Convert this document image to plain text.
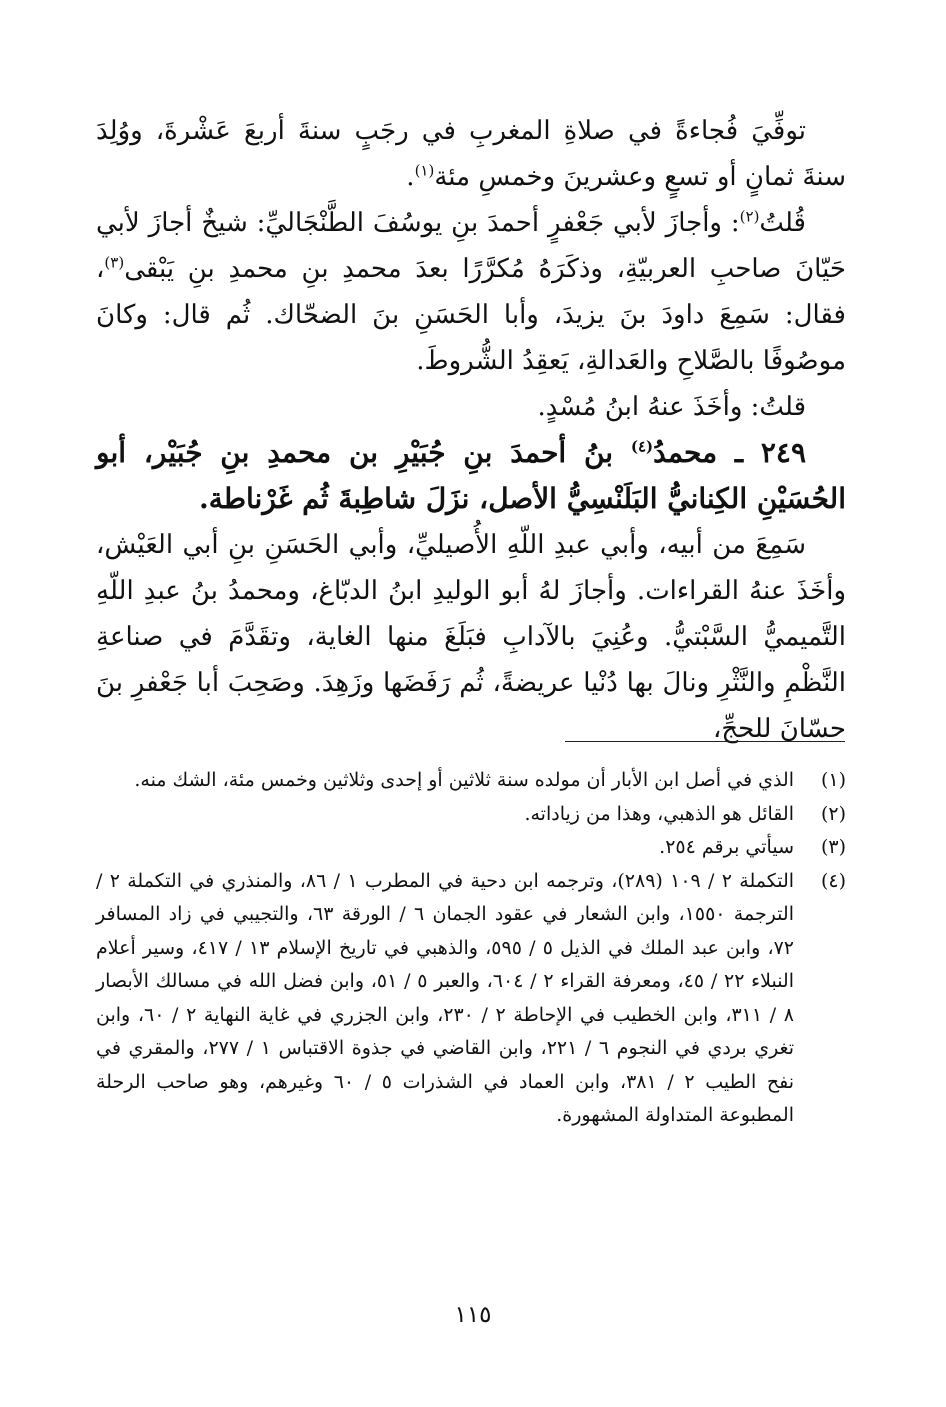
توفِّيَ فُجاءةً في صلاةِ المغربِ في رجَبٍ سنةَ أربعَ عَشْرةَ، ووُلِدَ سنةَ ثمانٍ أو تسعٍ وعشرينَ وخمسِ مئة$^{(١)}$.

قُلتُ$^{(٢)}$: وأجازَ لأبي جَعْفرٍ أحمدَ بنِ يوسُفَ الطَّنْجَاليِّ: شيخٌ أجازَ لأبي حَيّانَ صاحبِ العربيّةِ، وذكَرَهُ مُكرَّرًا بعدَ محمدِ بنِ محمدِ بنِ يَبْقى$^{(٣)}$، فقال: سَمِعَ داودَ بنَ يزيدَ، وأبا الحَسَنِ بنَ الضحّاك. ثُم قال: وكانَ موصُوفًا بالصَّلاحِ والعَدالةِ، يَعقِدُ الشُّروطَ.

قلتُ: وأخَذَ عنهُ ابنُ مُسْدٍ.

٢٤٩ ـ محمدُ$^{(٤)}$ بنُ أحمدَ بنِ جُبَيْرِ بن محمدِ بنِ جُبَيْر، أبو الحُسَيْنِ الكِنانيُّ البَلَنْسِيُّ الأصل، نزَلَ شاطِبةَ ثُم غَرْناطة.

سَمِعَ من أبيه، وأبي عبدِ اللّهِ الأُصيليِّ، وأبي الحَسَنِ بنِ أبي العَيْش، وأخَذَ عنهُ القراءات. وأجازَ لهُ أبو الوليدِ ابنُ الدبّاغ، ومحمدُ بنُ عبدِ اللّهِ التَّميميُّ السَّبْتيُّ. وعُنِيَ بالآدابِ فبَلَغَ منها الغاية، وتقَدَّمَ في صناعةِ النَّظْمِ والنَّثْرِ ونالَ بها دُنْيا عريضةً، ثُم رَفَضَها وزَهِدَ. وصَحِبَ أبا جَعْفرِ بنَ حسّانَ للحجِّ،

(١)
الذي في أصل ابن الأبار أن مولده سنة ثلاثين أو إحدى وثلاثين وخمس مئة، الشك منه.
(٢)
القائل هو الذهبي، وهذا من زياداته.
(٣)
سيأتي برقم ٢٥٤.
(٤)
التكملة ٢ / ١٠٩ (٢٨٩)، وترجمه ابن دحية في المطرب ١ / ٨٦، والمنذري في التكملة ٢ / الترجمة ١٥٥٠، وابن الشعار في عقود الجمان ٦ / الورقة ٦٣، والتجيبي في زاد المسافر ٧٢، وابن عبد الملك في الذيل ٥ / ٥٩٥، والذهبي في تاريخ الإسلام ١٣ / ٤١٧، وسير أعلام النبلاء ٢٢ / ٤٥، ومعرفة القراء ٢ / ٦٠٤، والعبر ٥ / ٥١، وابن فضل الله في مسالك الأبصار ٨ / ٣١١، وابن الخطيب في الإحاطة ٢ / ٢٣٠، وابن الجزري في غاية النهاية ٢ / ٦٠، وابن تغري بردي في النجوم ٦ / ٢٢١، وابن القاضي في جذوة الاقتباس ١ / ٢٧٧، والمقري في نفح الطيب ٢ / ٣٨١، وابن العماد في الشذرات ٥ / ٦٠ وغيرهم، وهو صاحب الرحلة المطبوعة المتداولة المشهورة.
١١٥
